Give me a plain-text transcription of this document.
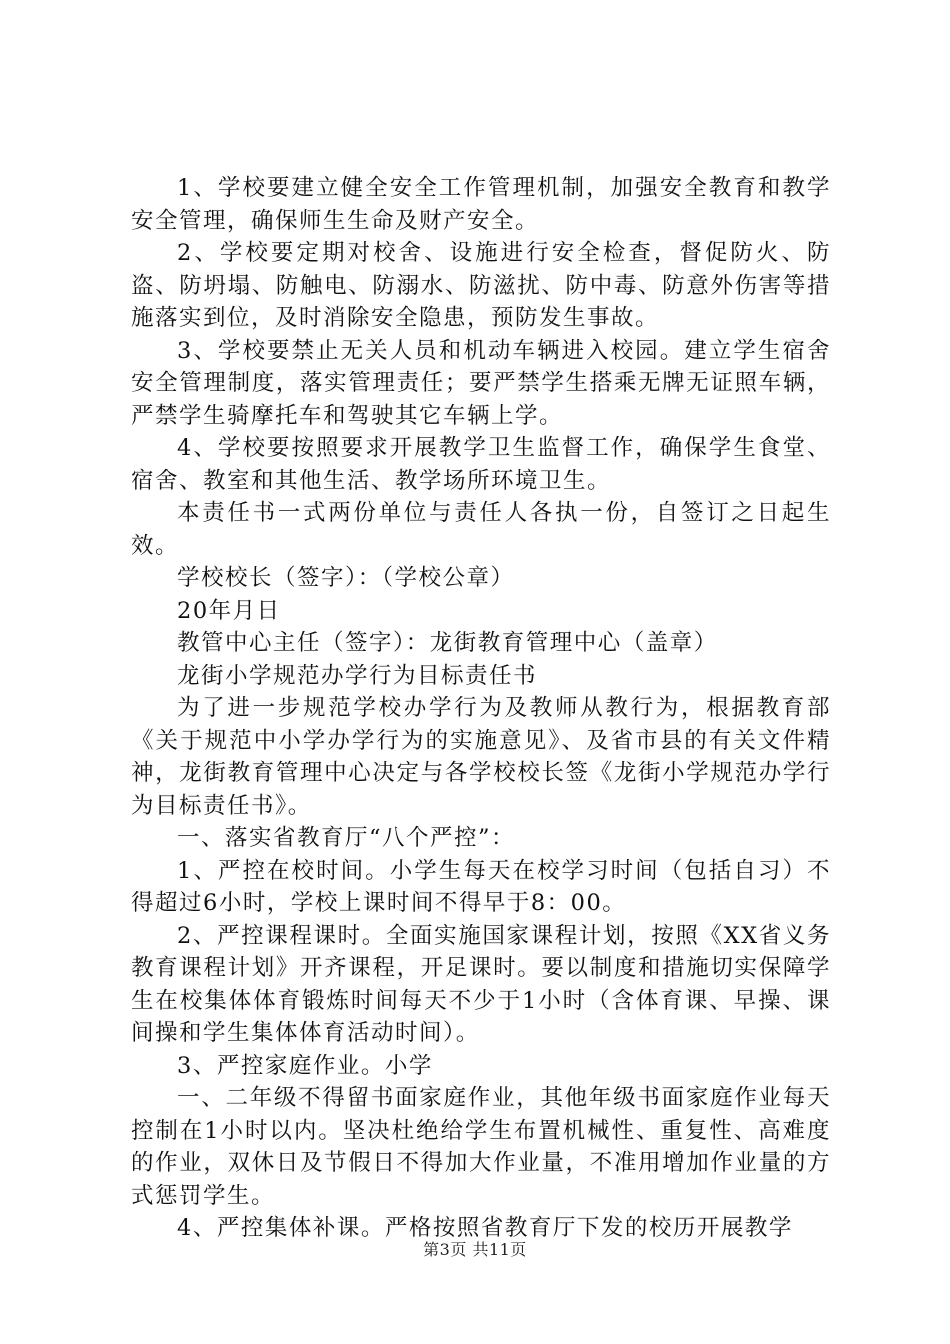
1、学校要建立健全安全工作管理机制，加强安全教育和教学安全管理，确保师生生命及财产安全。

2、学校要定期对校舍、设施进行安全检查，督促防火、防盗、防坍塌、防触电、防溺水、防滋扰、防中毒、防意外伤害等措施落实到位，及时消除安全隐患，预防发生事故。

3、学校要禁止无关人员和机动车辆进入校园。建立学生宿舍安全管理制度，落实管理责任；要严禁学生搭乘无牌无证照车辆，严禁学生骑摩托车和驾驶其它车辆上学。

4、学校要按照要求开展教学卫生监督工作，确保学生食堂、宿舍、教室和其他生活、教学场所环境卫生。

本责任书一式两份单位与责任人各执一份，自签订之日起生效。

学校校长（签字）：（学校公章）

20年月日

教管中心主任（签字）：龙街教育管理中心（盖章）

龙街小学规范办学行为目标责任书

为了进一步规范学校办学行为及教师从教行为，根据教育部《关于规范中小学办学行为的实施意见》、及省市县的有关文件精神，龙街教育管理中心决定与各学校校长签《龙街小学规范办学行为目标责任书》。

一、落实省教育厅“八个严控”：

1、严控在校时间。小学生每天在校学习时间（包括自习）不得超过6小时，学校上课时间不得早于8：00。

2、严控课程课时。全面实施国家课程计划，按照《XX省义务教育课程计划》开齐课程，开足课时。要以制度和措施切实保障学生在校集体体育锻炼时间每天不少于1小时（含体育课、早操、课间操和学生集体体育活动时间）。

3、严控家庭作业。小学

一、二年级不得留书面家庭作业，其他年级书面家庭作业每天控制在1小时以内。坚决杜绝给学生布置机械性、重复性、高难度的作业，双休日及节假日不得加大作业量，不准用增加作业量的方式惩罚学生。

4、严控集体补课。严格按照省教育厅下发的校历开展教学

第3页 共11页
